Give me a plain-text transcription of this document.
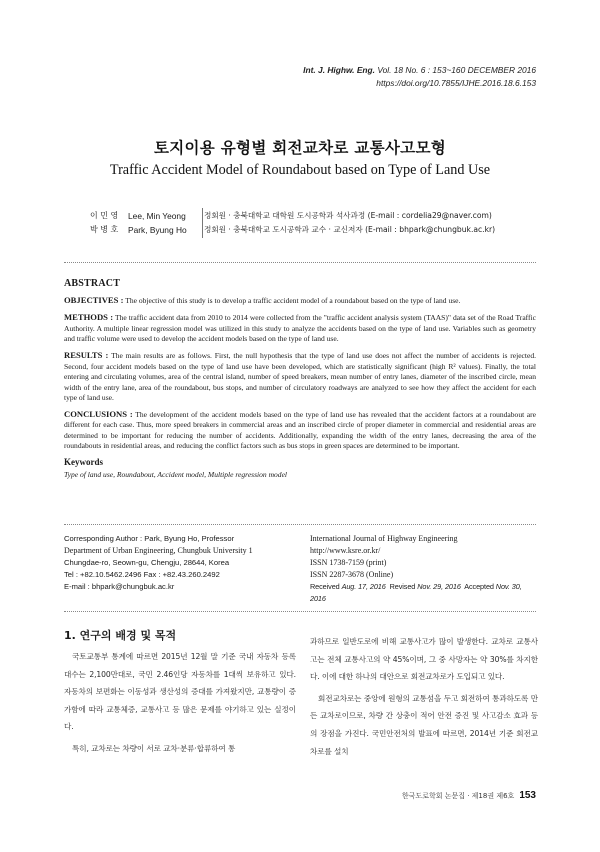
Int. J. Highw. Eng. Vol. 18 No. 6 : 153~160 DECEMBER 2016
https://doi.org/10.7855/IJHE.2016.18.6.153
토지이용 유형별 회전교차로 교통사고모형
Traffic Accident Model of Roundabout based on Type of Land Use
이 민 영	Lee, Min Yeong	정회원 · 충북대학교 대학원 도시공학과 석사과정 (E-mail : cordelia29@naver.com)
박 병 호	Park, Byung Ho	정회원 · 충북대학교 도시공학과 교수 · 교신저자 (E-mail : bhpark@chungbuk.ac.kr)
ABSTRACT

OBJECTIVES : The objective of this study is to develop a traffic accident model of a roundabout based on the type of land use.

METHODS : The traffic accident data from 2010 to 2014 were collected from the "traffic accident analysis system (TAAS)" data set of the Road Traffic Authority. A multiple linear regression model was utilized in this study to analyze the accidents based on the type of land use. Variables such as geometry and traffic volume were used to develop the accident models based on the type of land use.

RESULTS : The main results are as follows. First, the null hypothesis that the type of land use does not affect the number of accidents is rejected. Second, four accident models based on the type of land use have been developed, which are statistically significant (high R² values). Finally, the total entering and circulating volumes, area of the central island, number of speed breakers, mean number of entry lanes, diameter of the inscribed circle, mean width of the entry lane, area of the roundabout, bus stops, and number of circulatory roadways are analyzed to see how they affect the accident for each type of land use.

CONCLUSIONS : The development of the accident models based on the type of land use has revealed that the accident factors at a roundabout are different for each case. Thus, more speed breakers in commercial areas and an inscribed circle of proper diameter in commercial and residential areas are determined to be important for reducing the number of accidents. Additionally, expanding the width of the entry lanes, decreasing the area of the roundabouts in residential areas, and reducing the conflict factors such as bus stops in green spaces are determined to be important.

Keywords
Type of land use, Roundabout, Accident model, Multiple regression model
Corresponding Author : Park, Byung Ho, Professor
Department of Urban Engineering, Chungbuk University 1
Chungdae-ro, Seown-gu, Chengju, 28644, Korea
Tel : +82.10.5462.2496 Fax : +82.43.260.2492
E-mail : bhpark@chungbuk.ac.kr
International Journal of Highway Engineering
http://www.ksre.or.kr/
ISSN 1738-7159 (print)
ISSN 2287-3678 (Online)
Received Aug. 17, 2016 Revised Nov. 29, 2016 Accepted Nov. 30, 2016
1. 연구의 배경 및 목적

국토교통부 통계에 따르면 2015년 12월 말 기준 국내 자동차 등록 대수는 2,100만대로, 국민 2.46인당 자동차를 1대씩 보유하고 있다. 자동차의 보편화는 이동성과 생산성의 증대를 가져왔지만, 교통량이 증가함에 따라 교통체증, 교통사고 등 많은 문제를 야기하고 있는 실정이다.

특히, 교차로는 차량이 서로 교차·분류·합류하여 통

과하므로 일반도로에 비해 교통사고가 많이 발생한다. 교차로 교통사고는 전체 교통사고의 약 45%이며, 그 중 사망자는 약 30%를 차지한다. 이에 대한 하나의 대안으로 회전교차로가 도입되고 있다.

회전교차로는 중앙에 원형의 교통섬을 두고 회전하여 통과하도록 만든 교차로이므로, 차량 간 상충이 적어 안전 증진 및 사고감소 효과 등의 장점을 가진다. 국민안전처의 발표에 따르면, 2014년 기준 회전교차로를 설치

한국도로학회 논문집 · 제18권 제6호 153
